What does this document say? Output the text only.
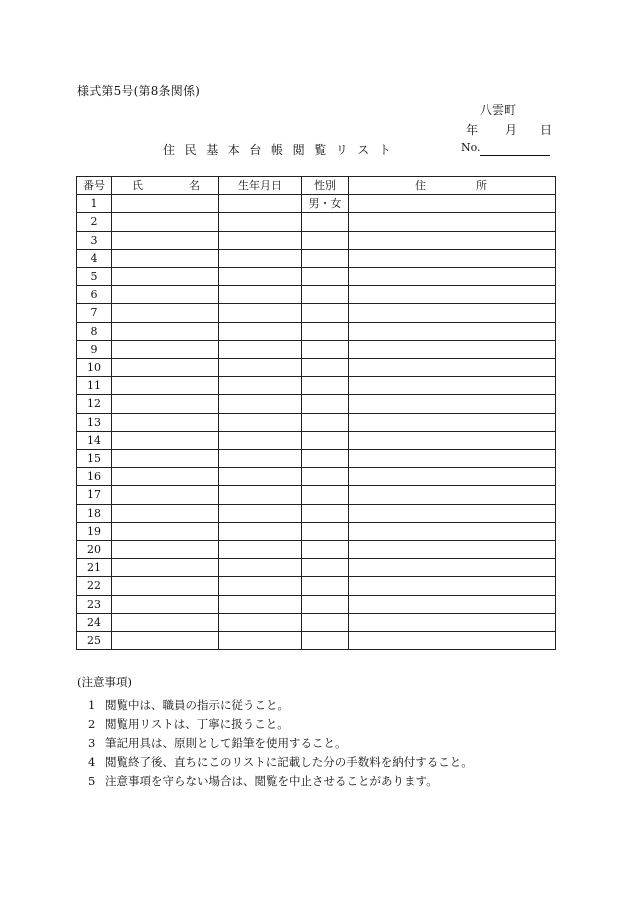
様式第5号(第8条関係)
八雲町
年 月 日
住民基本台帳閲覧リスト	No.
番号	氏 名	生年月日	性別	住 所

1			男・女	
2				
3				
4				
5				
6				
7				
8				
9				
10				
11				
12				
13				
14				
15				
16				
17				
18				
19				
20				
21				
22				
23				
24				
25				
(注意事項)
1 閲覧中は、職員の指示に従うこと。
2 閲覧用リストは、丁寧に扱うこと。
3 筆記用具は、原則として鉛筆を使用すること。
4 閲覧終了後、直ちにこのリストに記載した分の手数料を納付すること。
5 注意事項を守らない場合は、閲覧を中止させることがあります。
